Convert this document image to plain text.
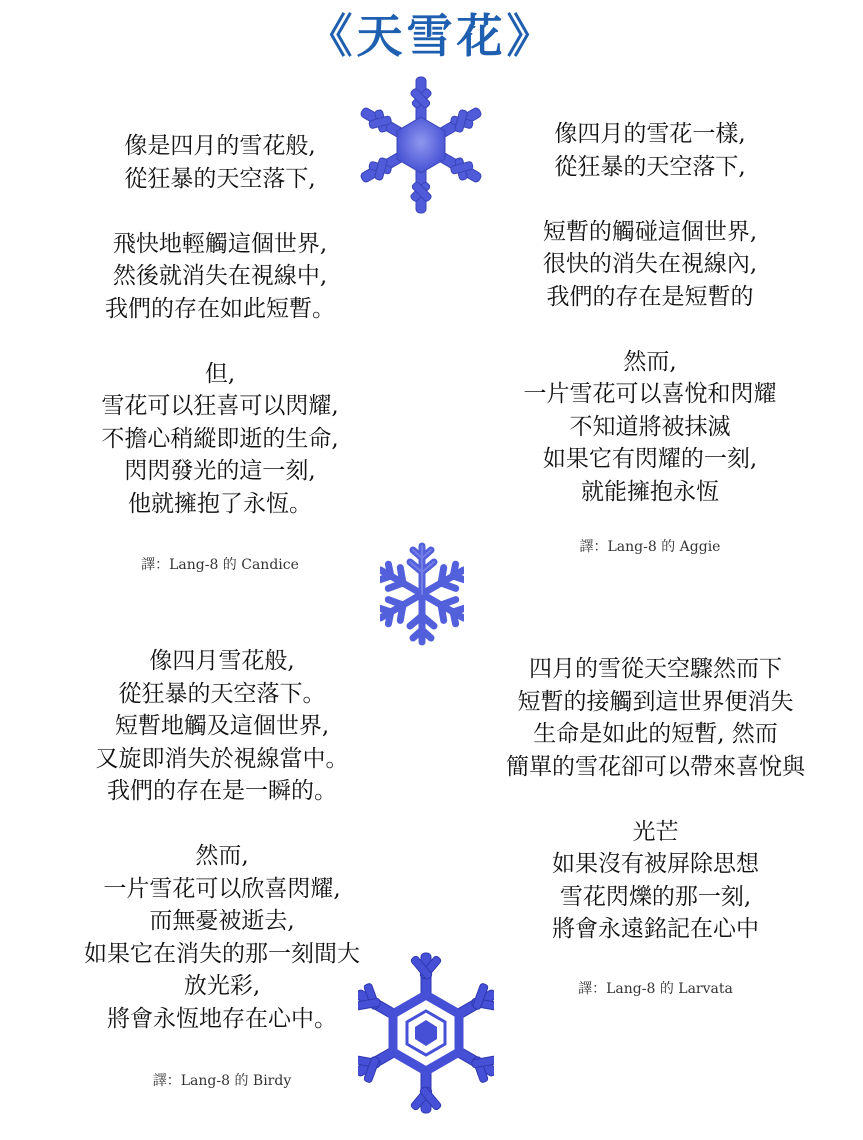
《天雪花》
像是四月的雪花般,
從狂暴的天空落下,
飛快地輕觸這個世界,
然後就消失在視線中,
我們的存在如此短暫。
但,
雪花可以狂喜可以閃耀,
不擔心稍縱即逝的生命,
閃閃發光的這一刻,
他就擁抱了永恆。
譯：Lang-8 的 Candice
像四月的雪花一樣,
從狂暴的天空落下,
短暫的觸碰這個世界,
很快的消失在視線內,
我們的存在是短暫的
然而,
一片雪花可以喜悅和閃耀
不知道將被抹滅
如果它有閃耀的一刻,
就能擁抱永恆
譯：Lang-8 的 Aggie
像四月雪花般,
從狂暴的天空落下。
短暫地觸及這個世界,
又旋即消失於視線當中。
我們的存在是一瞬的。
然而,
一片雪花可以欣喜閃耀,
而無憂被逝去,
如果它在消失的那一刻間大
放光彩,
將會永恆地存在心中。
譯：Lang-8 的 Birdy
四月的雪從天空驟然而下
短暫的接觸到這世界便消失
生命是如此的短暫, 然而
簡單的雪花卻可以帶來喜悅與
光芒
如果沒有被屏除思想
雪花閃爍的那一刻,
將會永遠銘記在心中
譯：Lang-8 的 Larvata
